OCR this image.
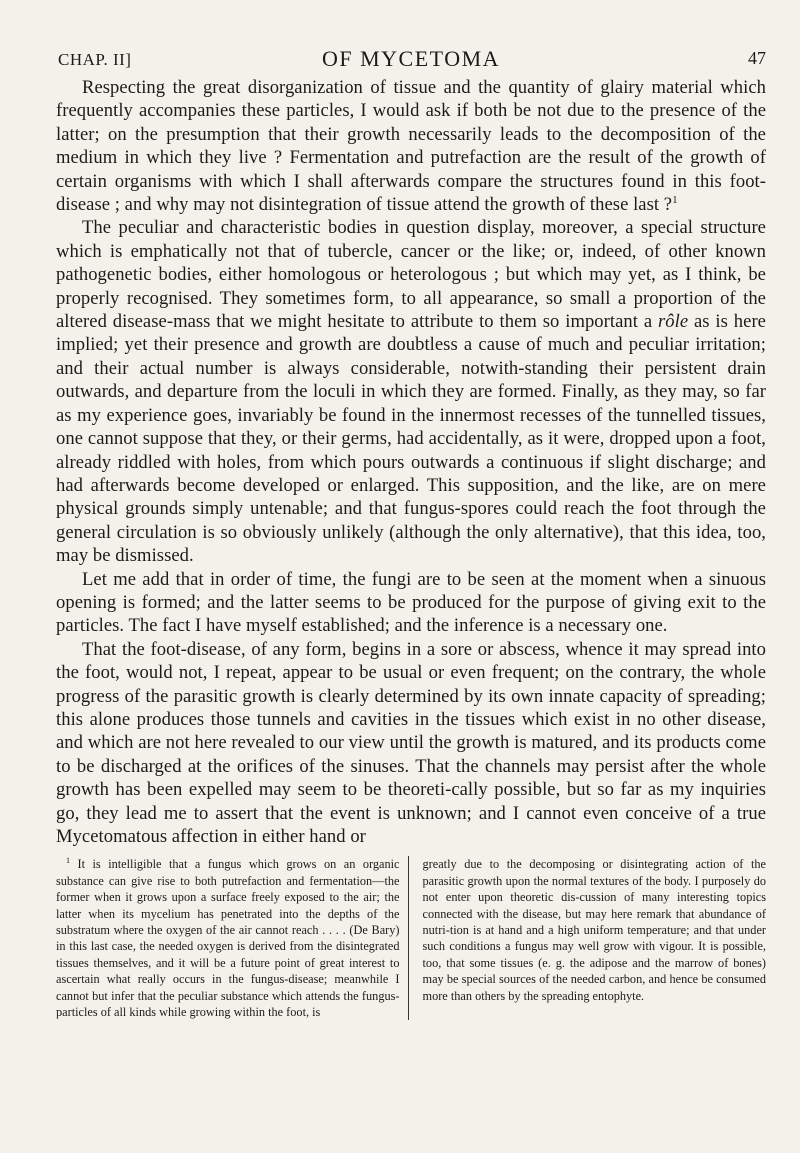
CHAP. II]	OF MYCETOMA	47

Respecting the great disorganization of tissue and the quantity of glairy material which frequently accompanies these particles, I would ask if both be not due to the presence of the latter; on the presumption that their growth necessarily leads to the decomposition of the medium in which they live ? Fermentation and putrefaction are the result of the growth of certain organisms with which I shall afterwards compare the structures found in this foot-disease ; and why may not disintegration of tissue attend the growth of these last ?$^1$

The peculiar and characteristic bodies in question display, moreover, a special structure which is emphatically not that of tubercle, cancer or the like; or, indeed, of other known pathogenetic bodies, either homologous or heterologous ; but which may yet, as I think, be properly recognised. They sometimes form, to all appearance, so small a proportion of the altered disease-mass that we might hesitate to attribute to them so important a rôle as is here implied; yet their presence and growth are doubtless a cause of much and peculiar irritation; and their actual number is always considerable, notwith-standing their persistent drain outwards, and departure from the loculi in which they are formed. Finally, as they may, so far as my experience goes, invariably be found in the innermost recesses of the tunnelled tissues, one cannot suppose that they, or their germs, had accidentally, as it were, dropped upon a foot, already riddled with holes, from which pours outwards a continuous if slight discharge; and had afterwards become developed or enlarged. This supposition, and the like, are on mere physical grounds simply untenable; and that fungus-spores could reach the foot through the general circulation is so obviously unlikely (although the only alternative), that this idea, too, may be dismissed.

Let me add that in order of time, the fungi are to be seen at the moment when a sinuous opening is formed; and the latter seems to be produced for the purpose of giving exit to the particles. The fact I have myself established; and the inference is a necessary one.

That the foot-disease, of any form, begins in a sore or abscess, whence it may spread into the foot, would not, I repeat, appear to be usual or even frequent; on the contrary, the whole progress of the parasitic growth is clearly determined by its own innate capacity of spreading; this alone produces those tunnels and cavities in the tissues which exist in no other disease, and which are not here revealed to our view until the growth is matured, and its products come to be discharged at the orifices of the sinuses. That the channels may persist after the whole growth has been expelled may seem to be theoreti-cally possible, but so far as my inquiries go, they lead me to assert that the event is unknown; and I cannot even conceive of a true Mycetomatous affection in either hand or

$^1$ It is intelligible that a fungus which grows on an organic substance can give rise to both putrefaction and fermentation—the former when it grows upon a surface freely exposed to the air; the latter when its mycelium has penetrated into the depths of the substratum where the oxygen of the air cannot reach . . . . (De Bary) in this last case, the needed oxygen is derived from the disintegrated tissues themselves, and it will be a future point of great interest to ascertain what really occurs in the fungus-disease; meanwhile I cannot but infer that the peculiar substance which attends the fungus-particles of all kinds while growing within the foot, is

greatly due to the decomposing or disintegrating action of the parasitic growth upon the normal textures of the body. I purposely do not enter upon theoretic dis-cussion of many interesting topics connected with the disease, but may here remark that abundance of nutri-tion is at hand and a high uniform temperature; and that under such conditions a fungus may well grow with vigour. It is possible, too, that some tissues (e. g. the adipose and the marrow of bones) may be special sources of the needed carbon, and hence be consumed more than others by the spreading entophyte.
